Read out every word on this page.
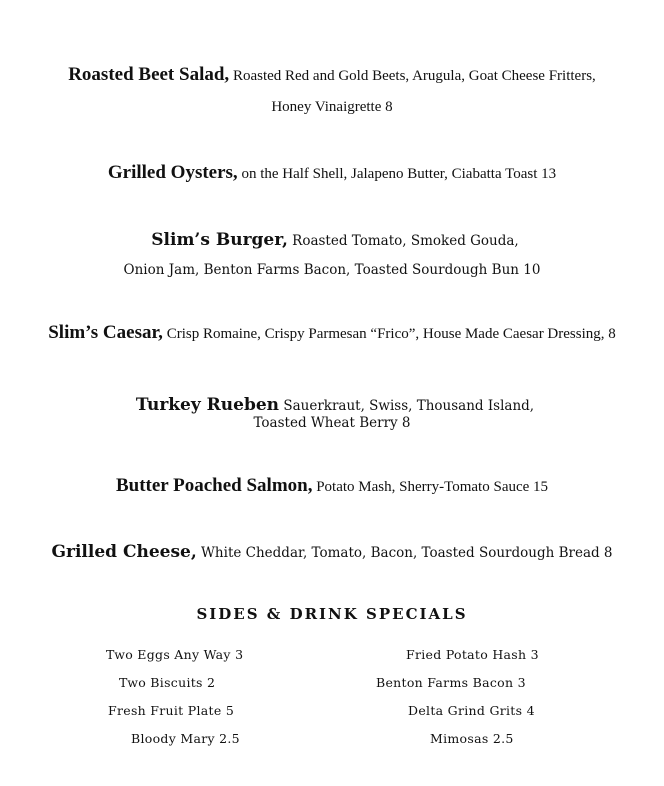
Roasted Beet Salad, Roasted Red and Gold Beets, Arugula, Goat Cheese Fritters,
Honey Vinaigrette 8
Grilled Oysters, on the Half Shell, Jalapeno Butter, Ciabatta Toast 13
Slim’s Burger, Roasted Tomato, Smoked Gouda,
Onion Jam, Benton Farms Bacon, Toasted Sourdough Bun 10
Slim’s Caesar, Crisp Romaine, Crispy Parmesan “Frico”, House Made Caesar Dressing, 8
Turkey Rueben Sauerkraut, Swiss, Thousand Island,
Toasted Wheat Berry 8
Butter Poached Salmon, Potato Mash, Sherry-Tomato Sauce 15
Grilled Cheese, White Cheddar, Tomato, Bacon, Toasted Sourdough Bread 8
SIDES & DRINK SPECIALS
Two Eggs Any Way 3
Two Biscuits 2
Fresh Fruit Plate 5
Bloody Mary 2.5
Fried Potato Hash 3
Benton Farms Bacon 3
Delta Grind Grits 4
Mimosas 2.5
